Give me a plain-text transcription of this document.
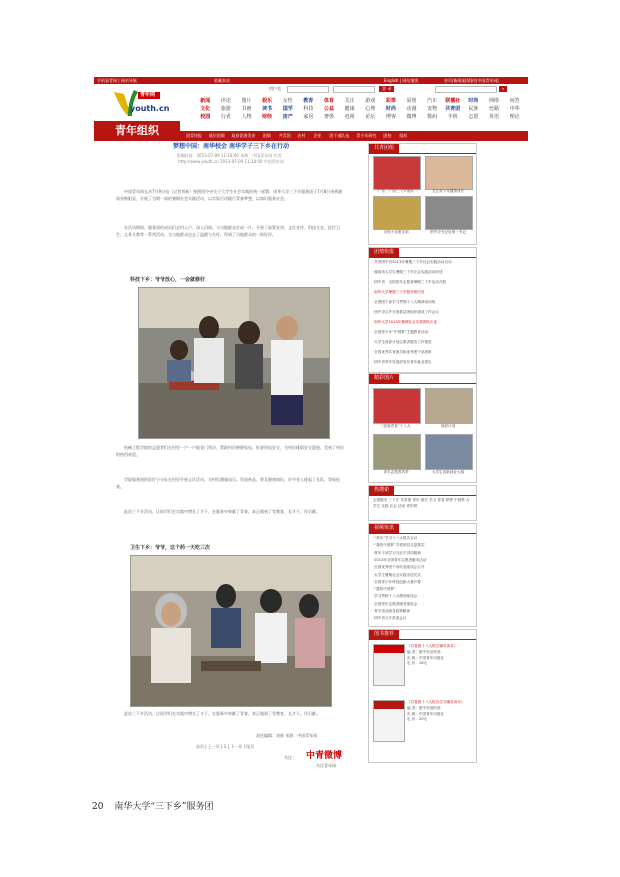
手机看青网 | 网站导航	收藏本站	English | 网站地图	首页|新闻|政情|你|中国青年网|
青年网
youth.cn
青年组织
用户名	登 录	⌕
新闻	评论	图片	娱乐	女性	教育	体育	关注	游戏	彩票	原创	汽车	联播社	时尚	网络	问答
文化	旅游	书画	读书	国学	科技	公益	健康	心理	时尚	动漫	宠物	共青团	民族	丝路	中华
校园	行者	人物	财经	房产	家居	奢侈	电视	论坛	博客	微博	数码	手机	志愿	英语	理论
团青快报 基层团情 政府团务发布 团情 共青团 农村 企业 团干部队伍 青少年研究 团校 组织
梦想中国：南华校会 南华学子三下乡在行动
发稿时间：2013-07-09 11:18:00 来源：中国青年网 作者：
http://www.youth.cn 2013-07-09 11:18:00 中国青年网
中国青年网长沙7月9日电（记者刘新）按照团中央关于大学生社会实践的统一部署，南华大学三下乡服务团于7月8日来到湖南省衡阳县，开展了为期一周的暑期社会实践活动，以实际行动践行青春梦想，以知识服务社会。
在活动期间，服务团的成员们走村入户、深入田间，与当地群众打成一片，开展了政策宣讲、文化宣传、科技支农、医疗卫生、义务支教等一系列活动，为当地群众送去了温暖与关怀，得到了当地群众的一致好评。
科技下乡：爷爷放心，一会就修好
机械工程学院的志愿者们在村里一户一户地登门拜访，帮助村民修理家电，检查用电安全，为村民排除安全隐患，受到了村民的热烈欢迎。
学院服务团的医疗小分队在村里开展义诊活动，为村民测量血压、发放药品、普及健康知识，许多老人排起了长队，等候检查。
此次三下乡活动，让同学们在实践中增长了才干，在服务中奉献了青春，真正做到了受教育、长才干、作贡献。
卫生下乡：爷爷，这个药一天吃三次
此次三下乡活动，让同学们在实践中增长了才干，在服务中奉献了青春，真正做到了受教育、长才干、作贡献。
首页 | 上一页 | 1 | 下一页 | 尾页
责任编辑：刘新 来源：中国青年网
关注 : 中青微博
关注青年网
共青团组
广东、广西三下乡团队	关注青少年健康成长
全国十佳团支部	团中央书记处第一书记
团情快报
·共青团中央2013年暑期三下乡社会实践活动启动
·湖南省大学生暑期三下乡社会实践活动综述
·团中央：全国青年志愿者暑期三下乡活动开展
·南华大学暑期三下乡服务团出发
·全国团干部学习贯彻十八大精神培训班
·团中央召开全国基层团组织建设工作会议
·南华大学2013年暑期社会实践团队出征
·全国青少年“中国梦”主题教育活动
·大学生西部计划志愿者服务工作推进
·全国优秀共青团员和优秀团干部表彰
·团中央青年发展部发布青年就业报告
精彩图片
“创客青春”十八大	西部计划
青年志愿者风采	大学生创新创业大赛
热搜索
志愿服务 三下乡 共青团 青年 团员 学习 青春 梦想 中国梦 大学生 实践 社会 活动 青年网
视频快讯
·“青年”学习十八大报告会议
·“我的中国梦”共青团员走进基层
·青年干部学习习近平讲话精神
·2013年全国青年志愿者服务活动
·全国优秀团干部代表座谈会召开
·大学生暑期社会实践出征仪式
·全国青少年科技创新大赛开幕
·“我的中国梦”
·学习贯彻十八大精神座谈会
·全国青年志愿者服务推进会
·青年创业就业政策解读
·团中央召开常委会议
图书推荐
《共青团十八大报告辅导读本》
编 者：团中央宣传部
出 版：中国青年出版社
定 价：18元
《共青团十八大报告学习辅导读本》
编 者：团中央组织部
出 版：中国青年出版社
定 价：20元
20 南华大学“三下乡”服务团
